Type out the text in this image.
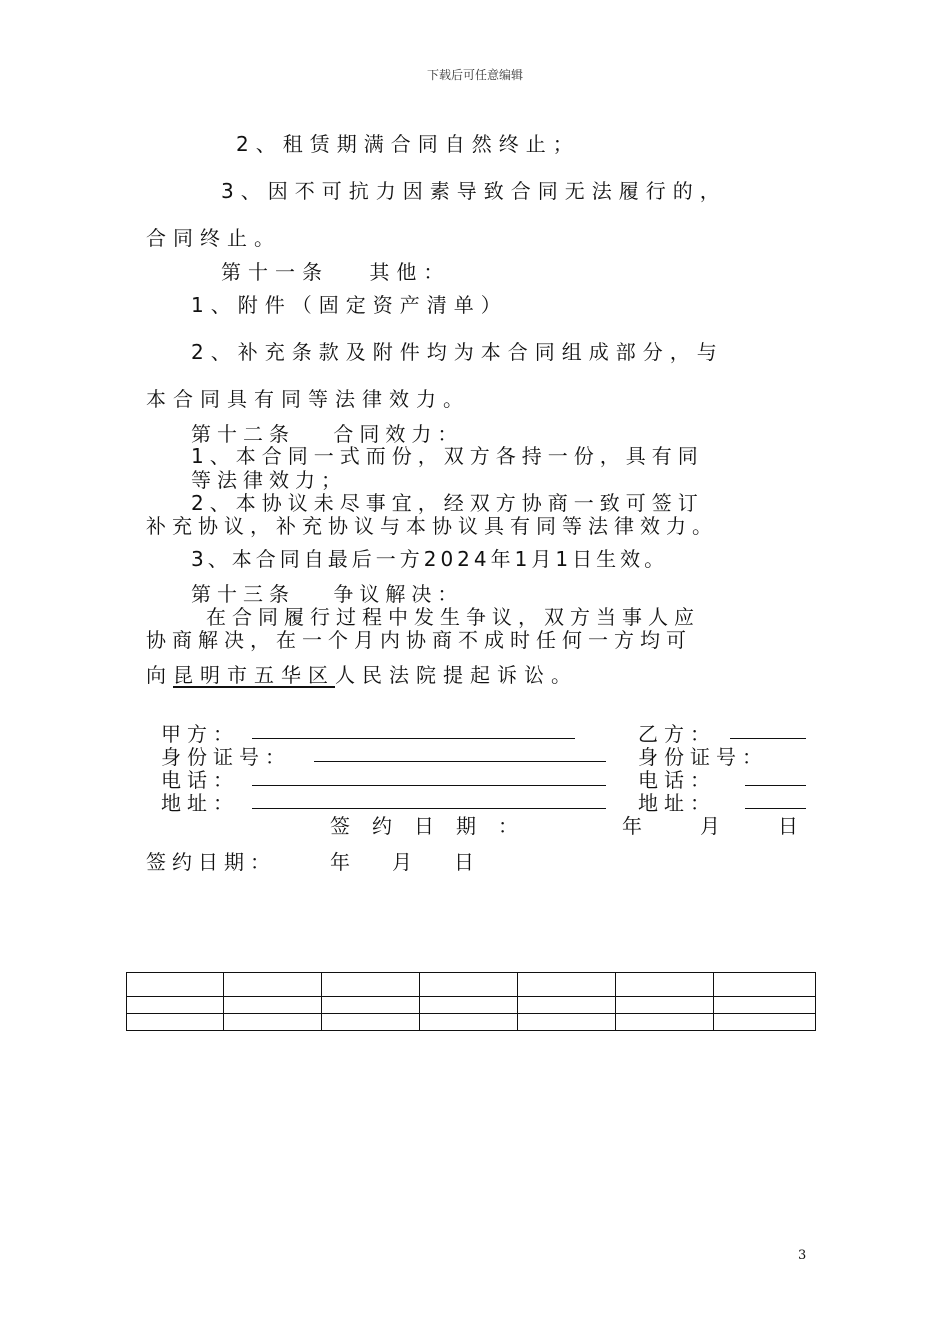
下载后可任意编辑
2、租赁期满合同自然终止；
3、因不可抗力因素导致合同无法履行的，
合同终止。
第十一条　 其他：
1、附件（固定资产清单）
2、补充条款及附件均为本合同组成部分，与
本合同具有同等法律效力。
第十二条　 合同效力：
1、本合同一式而份，双方各持一份，具有同
等法律效力；
2、本协议未尽事宜，经双方协商一致可签订
补充协议，补充协议与本协议具有同等法律效力。
3、本合同自最后一方2024年1月1日生效。
第十三条　 争议解决：
在合同履行过程中发生争议，双方当事人应
协商解决，在一个月内协商不成时任何一方均可
向昆明市五华区人民法院提起诉讼。
甲方：
身份证号：
电话：
地址：
乙方：
身份证号：
电话：
地址：
签约日期：	年	月	日
签约日期：	年 月 日

3
